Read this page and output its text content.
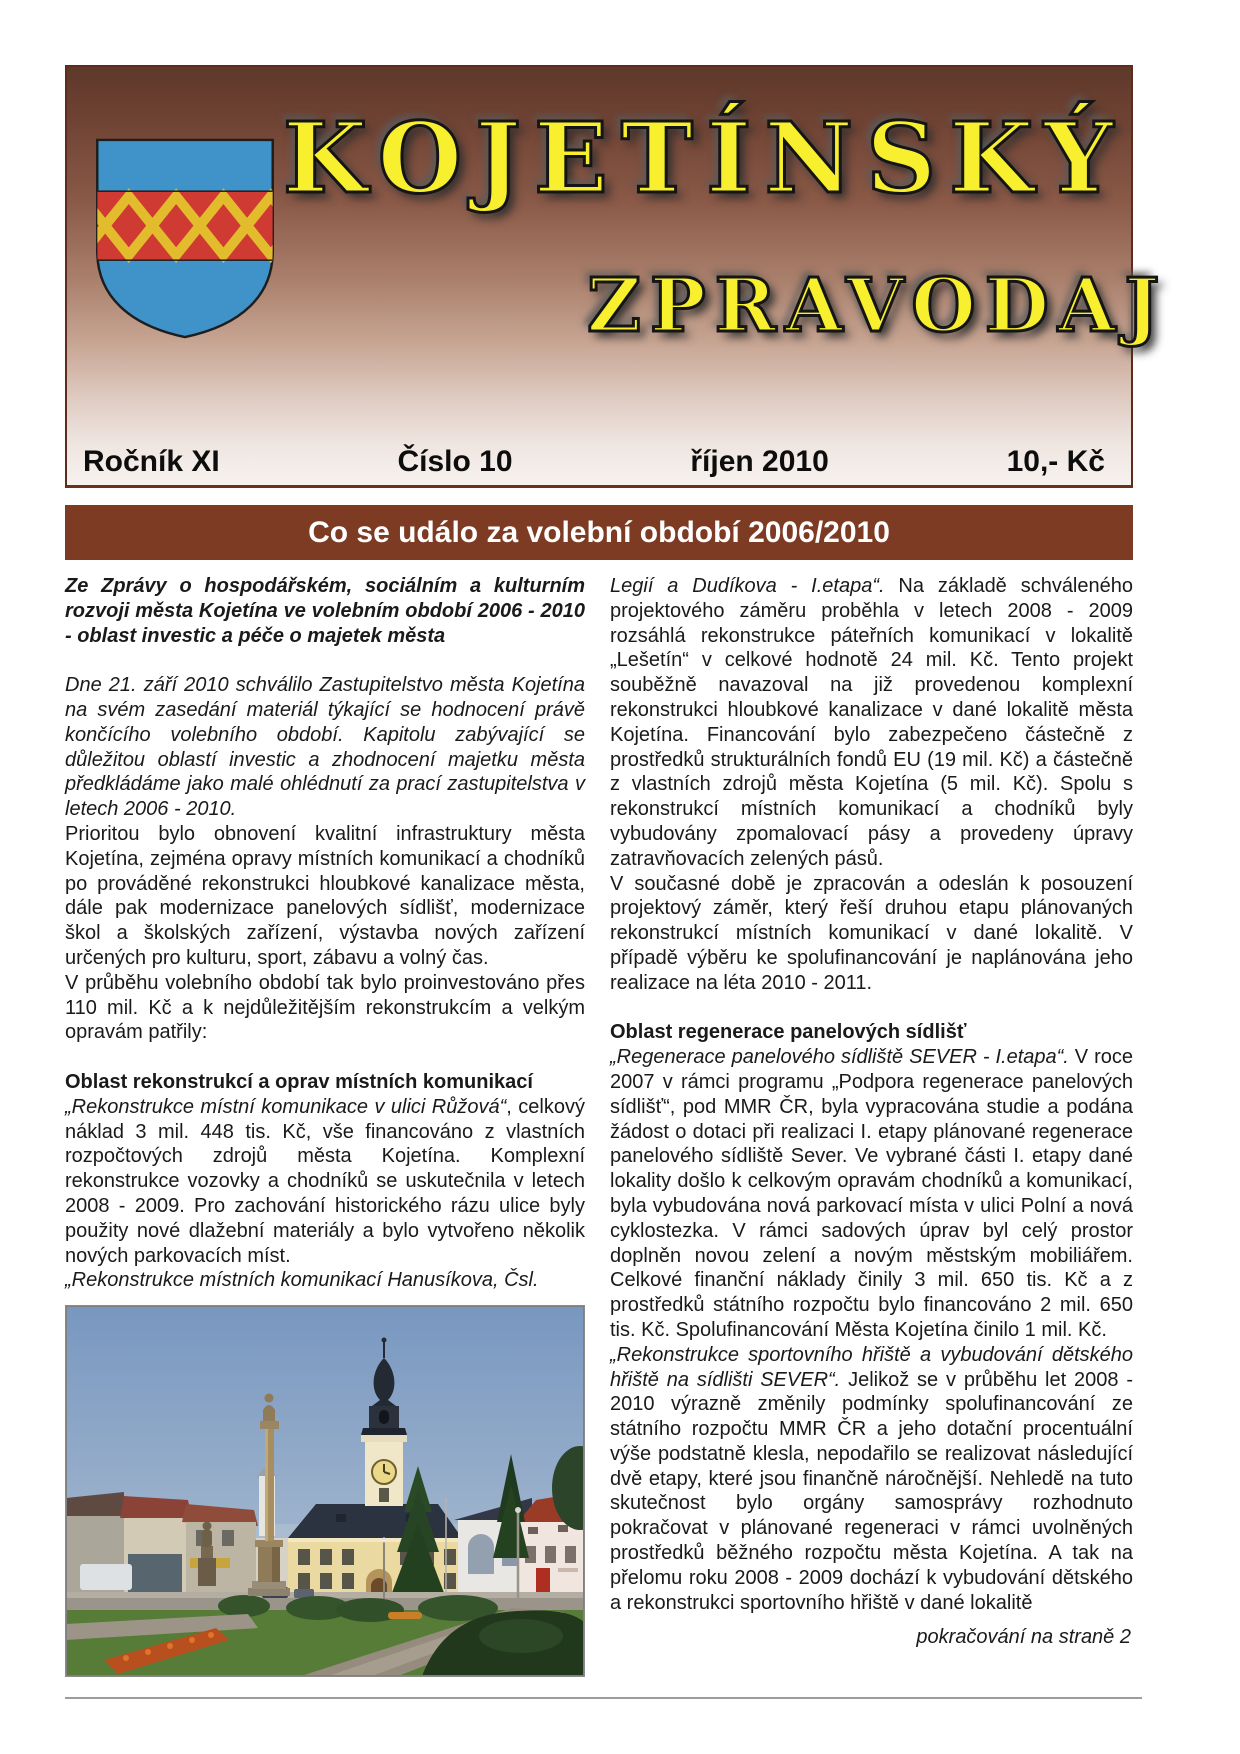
KOJETÍNSKÝ
ZPRAVODAJ
Ročník XI	Číslo 10	říjen 2010	10,- Kč
Co se událo za volební období 2006/2010

Ze Zprávy o hospodářském, sociálním a kulturním rozvoji města Kojetína ve volebním období 2006 - 2010 - oblast investic a péče o majetek města

Dne 21. září 2010 schválilo Zastupitelstvo města Kojetína na svém zasedání materiál týkající se hodnocení právě končícího volebního období. Kapitolu zabývající se důležitou oblastí investic a zhodnocení majetku města předkládáme jako malé ohlédnutí za prací zastupitelstva v letech 2006 - 2010.

Prioritou bylo obnovení kvalitní infrastruktury města Kojetína, zejména opravy místních komunikací a chodníků po prováděné rekonstrukci hloubkové kanalizace města, dále pak modernizace panelových sídlišť, modernizace škol a školských zařízení, výstavba nových zařízení určených pro kulturu, sport, zábavu a volný čas.

V průběhu volebního období tak bylo proinvestováno přes 110 mil. Kč a k nejdůležitějším rekonstrukcím a velkým opravám patřily:

Oblast rekonstrukcí a oprav místních komunikací

„Rekonstrukce místní komunikace v ulici Růžová“, celkový náklad 3 mil. 448 tis. Kč, vše financováno z vlastních rozpočtových zdrojů města Kojetína. Komplexní rekonstrukce vozovky a chodníků se uskutečnila v letech 2008 - 2009. Pro zachování historického rázu ulice byly použity nové dlažební materiály a bylo vytvořeno několik nových parkovacích míst.

„Rekonstrukce místních komunikací Hanusíkova, Čsl.

Legií a Dudíkova - I.etapa“. Na základě schváleného projektového záměru proběhla v letech 2008 - 2009 rozsáhlá rekonstrukce páteřních komunikací v lokalitě „Lešetín“ v celkové hodnotě 24 mil. Kč. Tento projekt souběžně navazoval na již provedenou komplexní rekonstrukci hloubkové kanalizace v dané lokalitě města Kojetína. Financování bylo zabezpečeno částečně z prostředků strukturálních fondů EU (19 mil. Kč) a částečně z vlastních zdrojů města Kojetína (5 mil. Kč). Spolu s rekonstrukcí místních komunikací a chodníků byly vybudovány zpomalovací pásy a provedeny úpravy zatravňovacích zelených pásů.

V současné době je zpracován a odeslán k posouzení projektový záměr, který řeší druhou etapu plánovaných rekonstrukcí místních komunikací v dané lokalitě. V případě výběru ke spolufinancování je naplánována jeho realizace na léta 2010 - 2011.

Oblast regenerace panelových sídlišť

„Regenerace panelového sídliště SEVER - I.etapa“. V roce 2007 v rámci programu „Podpora regenerace panelových sídlišť“, pod MMR ČR, byla vypracována studie a podána žádost o dotaci při realizaci I. etapy plánované regenerace panelového sídliště Sever. Ve vybrané části I. etapy dané lokality došlo k celkovým opravám chodníků a komunikací, byla vybudována nová parkovací místa v ulici Polní a nová cyklostezka. V rámci sadových úprav byl celý prostor doplněn novou zelení a novým městským mobiliářem. Celkové finanční náklady činily 3 mil. 650 tis. Kč a z prostředků státního rozpočtu bylo financováno 2 mil. 650 tis. Kč. Spolufinancování Města Kojetína činilo 1 mil. Kč.

„Rekonstrukce sportovního hřiště a vybudování dětského hřiště na sídlišti SEVER“. Jelikož se v průběhu let 2008 - 2010 výrazně změnily podmínky spolufinancování ze státního rozpočtu MMR ČR a jeho dotační procentuální výše podstatně klesla, nepodařilo se realizovat následující dvě etapy, které jsou finančně náročnější. Nehledě na tuto skutečnost bylo orgány samosprávy rozhodnuto pokračovat v plánované regeneraci v rámci uvolněných prostředků běžného rozpočtu města Kojetína. A tak na přelomu roku 2008 - 2009 dochází k vybudování dětského a rekonstrukci sportovního hřiště v dané lokalitě

pokračování na straně 2
